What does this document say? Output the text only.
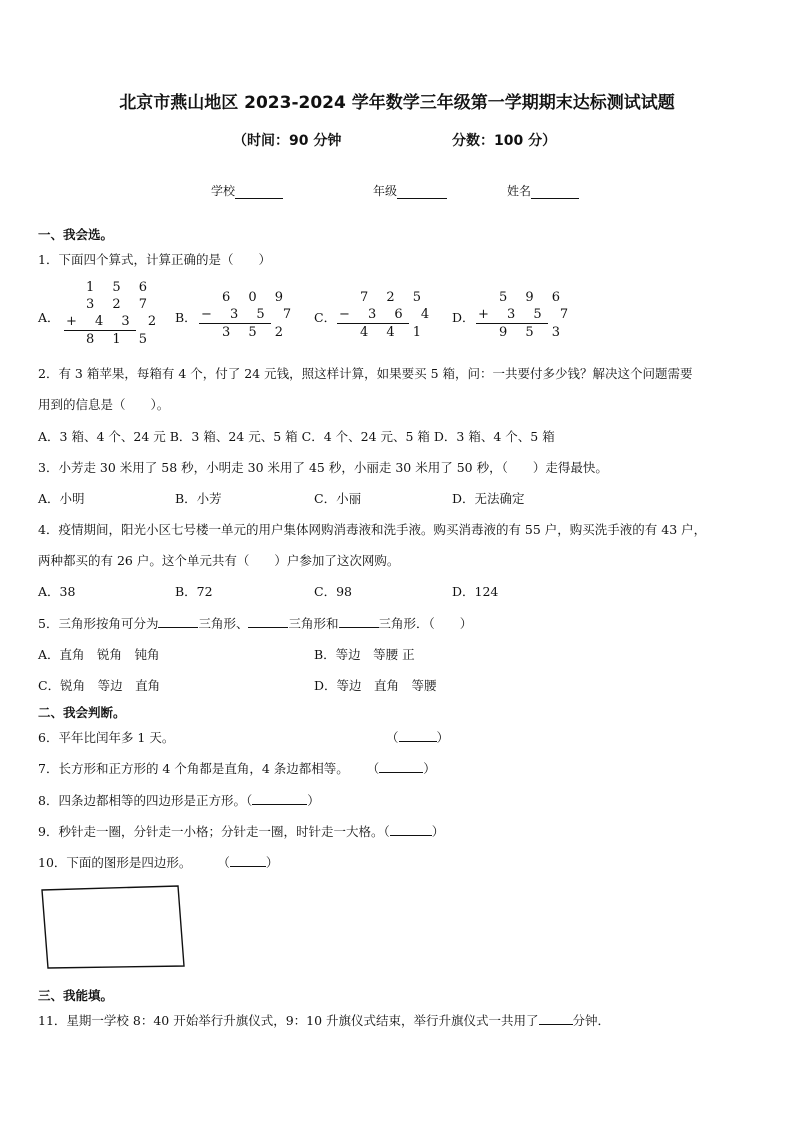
北京市燕山地区 2023-2024 学年数学三年级第一学期期末达标测试试题
（时间：90 分钟	分数：100 分）
学校	年级	姓名
一、我会选。
1．下面四个算式，计算正确的是（　　）
A．
1 5 6
3 2 7
+ 4 3 2
8 1 5
B．
6 0 9
− 3 5 7
3 5 2
C．
7 2 5
− 3 6 4
4 4 1
D．
5 9 6
+ 3 5 7
9 5 3
2．有 3 箱苹果，每箱有 4 个，付了 24 元钱，照这样计算，如果要买 5 箱，问：一共要付多少钱？解决这个问题需要
用到的信息是（　　）。
A．3 箱、4 个、24 元 B．3 箱、24 元、5 箱 C．4 个、24 元、5 箱 D．3 箱、4 个、5 箱
3．小芳走 30 米用了 58 秒，小明走 30 米用了 45 秒，小丽走 30 米用了 50 秒，（　　）走得最快。
A．小明	B．小芳	C．小丽	D．无法确定
4．疫情期间，阳光小区七号楼一单元的用户集体网购消毒液和洗手液。购买消毒液的有 55 户，购买洗手液的有 43 户，
两种都买的有 26 户。这个单元共有（　　）户参加了这次网购。
A．38	B．72	C．98	D．124
5．三角形按角可分为	三角形、	三角形和	三角形．（　　）
A．直角　锐角　钝角	B．等边　等腰 正
C．锐角　等边　直角	D．等边　直角　等腰
二、我会判断。
6．平年比闰年多 1 天。	（	）
7．长方形和正方形的 4 个角都是直角，4 条边都相等。 （	）
8．四条边都相等的四边形是正方形。（	）
9．秒针走一圈，分针走一小格；分针走一圈，时针走一大格。（	）
10．下面的图形是四边形。 （	）
三、我能填。
11．星期一学校 8：40 开始举行升旗仪式，9：10 升旗仪式结束，举行升旗仪式一共用了	分钟．
